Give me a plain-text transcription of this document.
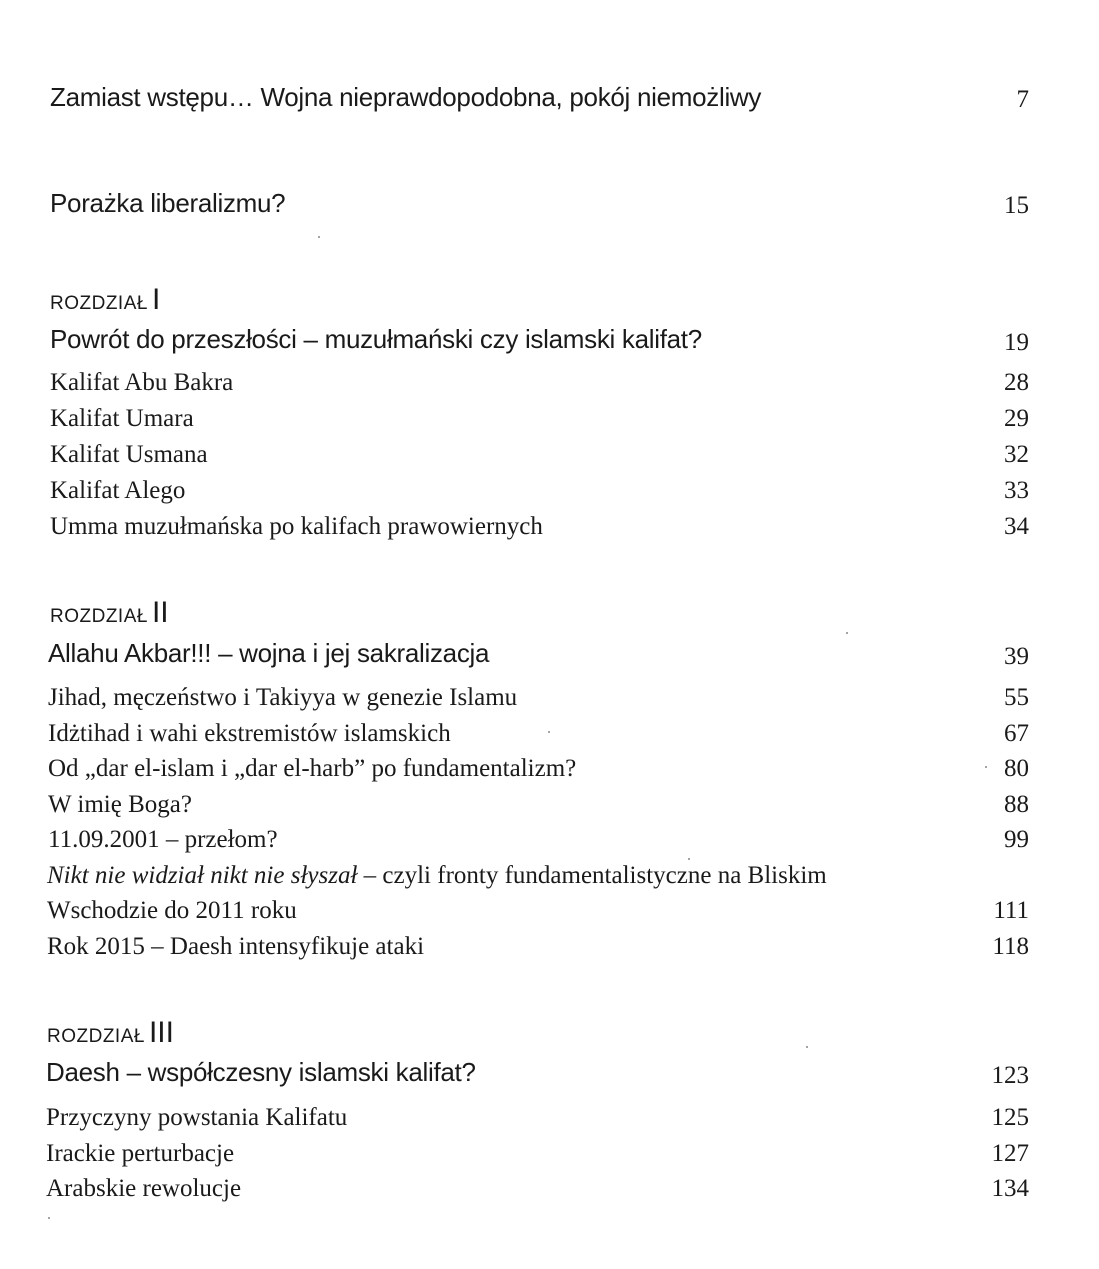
Zamiast wstępu… Wojna nieprawdopodobna, pokój niemożliwy	7
Porażka liberalizmu?	15
ROZDZIAŁ I
Powrót do przeszłości – muzułmański czy islamski kalifat?	19
Kalifat Abu Bakra	28
Kalifat Umara	29
Kalifat Usmana	32
Kalifat Alego	33
Umma muzułmańska po kalifach prawowiernych	34
ROZDZIAŁ II
Allahu Akbar!!! – wojna i jej sakralizacja	39
Jihad, męczeństwo i Takiyya w genezie Islamu	55
Idżtihad i wahi ekstremistów islamskich	67
Od „dar el-islam i „dar el-harb” po fundamentalizm?	80
W imię Boga?	88
11.09.2001 – przełom?	99
Nikt nie widział nikt nie słyszał – czyli fronty fundamentalistyczne na Bliskim
Wschodzie do 2011 roku	111
Rok 2015 – Daesh intensyfikuje ataki	118
ROZDZIAŁ III
Daesh – współczesny islamski kalifat?	123
Przyczyny powstania Kalifatu	125
Irackie perturbacje	127
Arabskie rewolucje	134
